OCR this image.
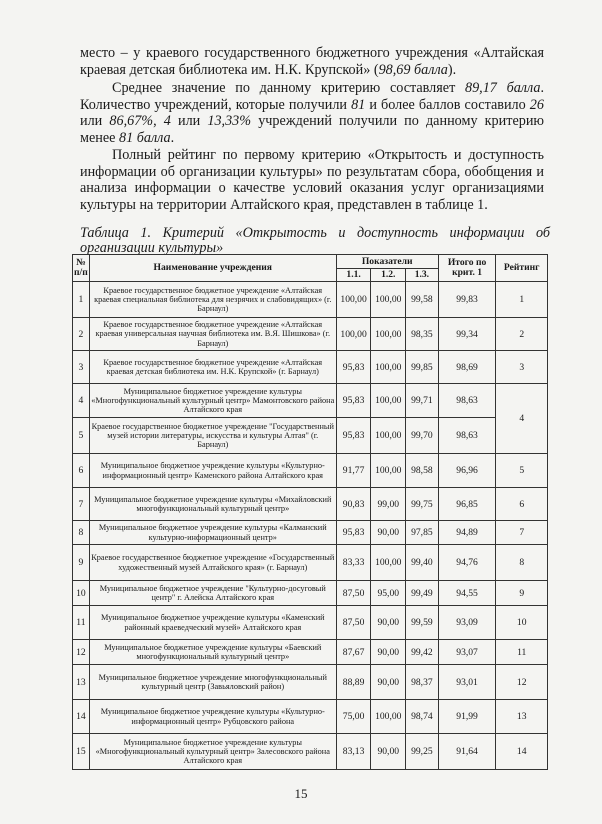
место – у краевого государственного бюджетного учреждения «Алтайская краевая детская библиотека им. Н.К. Крупской» (98,69 балла).
Среднее значение по данному критерию составляет 89,17 балла. Количество учреждений, которые получили 81 и более баллов составило 26 или 86,67%, 4 или 13,33% учреждений получили по данному критерию менее 81 балла.
Полный рейтинг по первому критерию «Открытость и доступность информации об организации культуры» по результатам сбора, обобщения и анализа информации о качестве условий оказания услуг организациями культуры на территории Алтайского края, представлен в таблице 1.
Таблица 1. Критерий «Открытость и доступность информации об организации культуры»
№ п/п	Наименование учреждения	Показатели			Итого по крит. 1	Рейтинг
		1.1.	1.2.	1.3.		
1	Краевое государственное бюджетное учреждение «Алтайская краевая специальная библиотека для незрячих и слабовидящих» (г. Барнаул)	100,00	100,00	99,58	99,83	1
2	Краевое государственное бюджетное учреждение «Алтайская краевая универсальная научная библиотека им. В.Я. Шишкова» (г. Барнаул)	100,00	100,00	98,35	99,34	2
3	Краевое государственное бюджетное учреждение «Алтайская краевая детская библиотека им. Н.К. Крупской» (г. Барнаул)	95,83	100,00	99,85	98,69	3
4	Муниципальное бюджетное учреждение культуры «Многофункциональный культурный центр» Мамонтовского района Алтайского края	95,83	100,00	99,71	98,63	4
5	Краевое государственное бюджетное учреждение "Государственный музей истории литературы, искусства и культуры Алтая" (г. Барнаул)	95,83	100,00	99,70	98,63	
6	Муниципальное бюджетное учреждение культуры «Культурно-информационный центр» Каменского района Алтайского края	91,77	100,00	98,58	96,96	5
7	Муниципальное бюджетное учреждение культуры «Михайловский многофункциональный культурный центр»	90,83	99,00	99,75	96,85	6
8	Муниципальное бюджетное учреждение культуры «Калманский культурно-информационный центр»	95,83	90,00	97,85	94,89	7
9	Краевое государственное бюджетное учреждение «Государственный художественный музей Алтайского края» (г. Барнаул)	83,33	100,00	99,40	94,76	8
10	Муниципальное бюджетное учреждение "Культурно-досуговый центр" г. Алейска Алтайского края	87,50	95,00	99,49	94,55	9
11	Муниципальное бюджетное учреждение культуры «Каменский районный краеведческий музей» Алтайского края	87,50	90,00	99,59	93,09	10
12	Муниципальное бюджетное учреждение культуры «Баевский многофункциональный культурный центр»	87,67	90,00	99,42	93,07	11
13	Муниципальное бюджетное учреждение многофункциональный культурный центр (Завьяловский район)	88,89	90,00	98,37	93,01	12
14	Муниципальное бюджетное учреждение культуры «Культурно-информационный центр» Рубцовского района	75,00	100,00	98,74	91,99	13
15	Муниципальное бюджетное учреждение культуры «Многофункциональный культурный центр» Залесовского района Алтайского края	83,13	90,00	99,25	91,64	14
15
